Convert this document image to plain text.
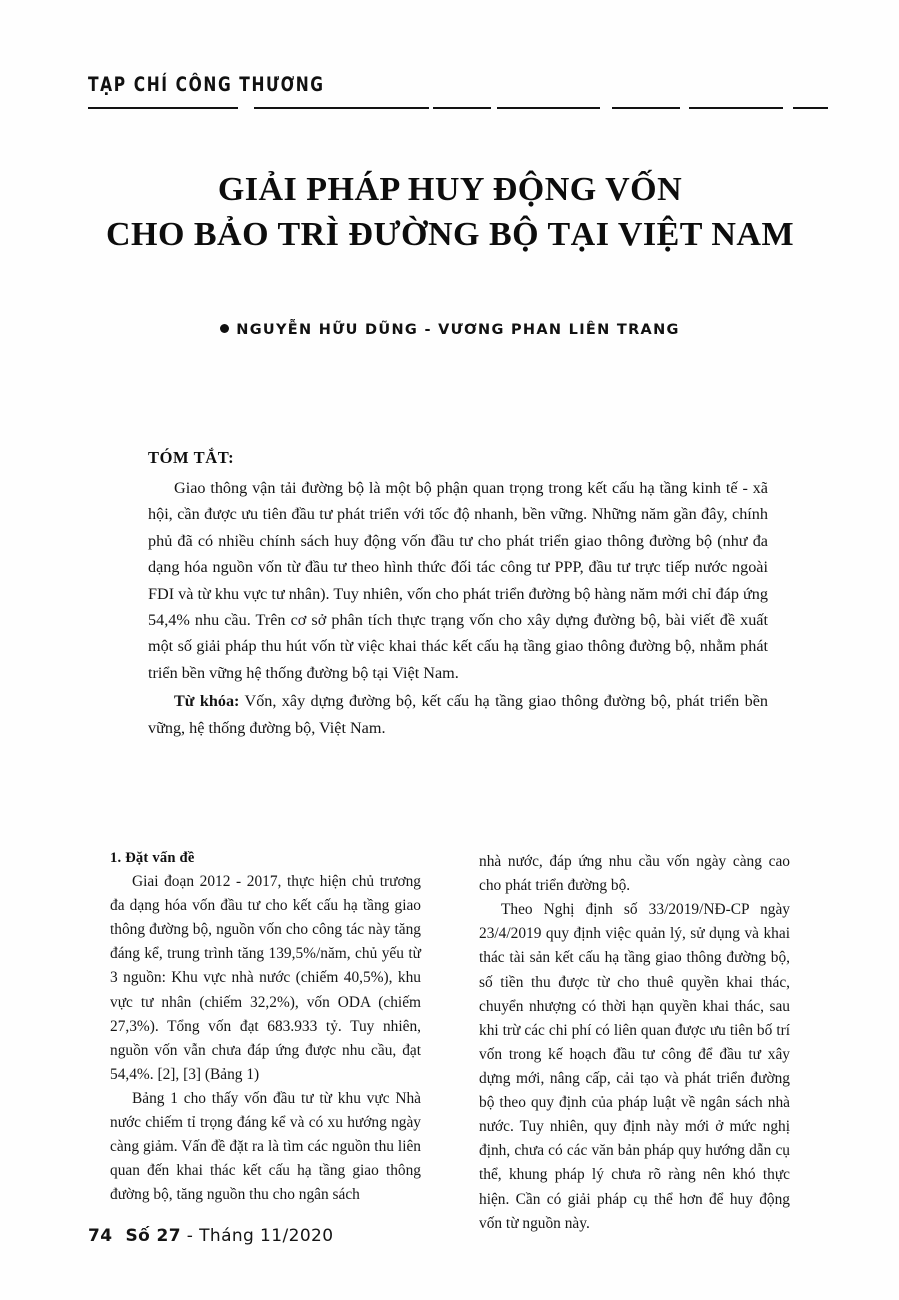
TẠP CHÍ CÔNG THƯƠNG
GIẢI PHÁP HUY ĐỘNG VỐN
CHO BẢO TRÌ ĐƯỜNG BỘ TẠI VIỆT NAM
NGUYỄN HỮU DŨNG - VƯƠNG PHAN LIÊN TRANG
TÓM TẮT:

Giao thông vận tải đường bộ là một bộ phận quan trọng trong kết cấu hạ tầng kinh tế - xã hội, cần được ưu tiên đầu tư phát triển với tốc độ nhanh, bền vững. Những năm gần đây, chính phủ đã có nhiều chính sách huy động vốn đầu tư cho phát triển giao thông đường bộ (như đa dạng hóa nguồn vốn từ đầu tư theo hình thức đối tác công tư PPP, đầu tư trực tiếp nước ngoài FDI và từ khu vực tư nhân). Tuy nhiên, vốn cho phát triển đường bộ hàng năm mới chỉ đáp ứng 54,4% nhu cầu. Trên cơ sở phân tích thực trạng vốn cho xây dựng đường bộ, bài viết đề xuất một số giải pháp thu hút vốn từ việc khai thác kết cấu hạ tầng giao thông đường bộ, nhằm phát triển bền vững hệ thống đường bộ tại Việt Nam.

Từ khóa: Vốn, xây dựng đường bộ, kết cấu hạ tầng giao thông đường bộ, phát triển bền vững, hệ thống đường bộ, Việt Nam.

1. Đặt vấn đề

Giai đoạn 2012 - 2017, thực hiện chủ trương đa dạng hóa vốn đầu tư cho kết cấu hạ tầng giao thông đường bộ, nguồn vốn cho công tác này tăng đáng kể, trung trình tăng 139,5%/năm, chủ yếu từ 3 nguồn: Khu vực nhà nước (chiếm 40,5%), khu vực tư nhân (chiếm 32,2%), vốn ODA (chiếm 27,3%). Tổng vốn đạt 683.933 tỷ. Tuy nhiên, nguồn vốn vẫn chưa đáp ứng được nhu cầu, đạt 54,4%. [2], [3] (Bảng 1)

Bảng 1 cho thấy vốn đầu tư từ khu vực Nhà nước chiếm tỉ trọng đáng kể và có xu hướng ngày càng giảm. Vấn đề đặt ra là tìm các nguồn thu liên quan đến khai thác kết cấu hạ tầng giao thông đường bộ, tăng nguồn thu cho ngân sách

nhà nước, đáp ứng nhu cầu vốn ngày càng cao cho phát triển đường bộ.

Theo Nghị định số 33/2019/NĐ-CP ngày 23/4/2019 quy định việc quản lý, sử dụng và khai thác tài sản kết cấu hạ tầng giao thông đường bộ, số tiền thu được từ cho thuê quyền khai thác, chuyển nhượng có thời hạn quyền khai thác, sau khi trừ các chi phí có liên quan được ưu tiên bố trí vốn trong kế hoạch đầu tư công để đầu tư xây dựng mới, nâng cấp, cải tạo và phát triển đường bộ theo quy định của pháp luật về ngân sách nhà nước. Tuy nhiên, quy định này mới ở mức nghị định, chưa có các văn bản pháp quy hướng dẫn cụ thể, khung pháp lý chưa rõ ràng nên khó thực hiện. Cần có giải pháp cụ thể hơn để huy động vốn từ nguồn này.

74 Số 27 - Tháng 11/2020
